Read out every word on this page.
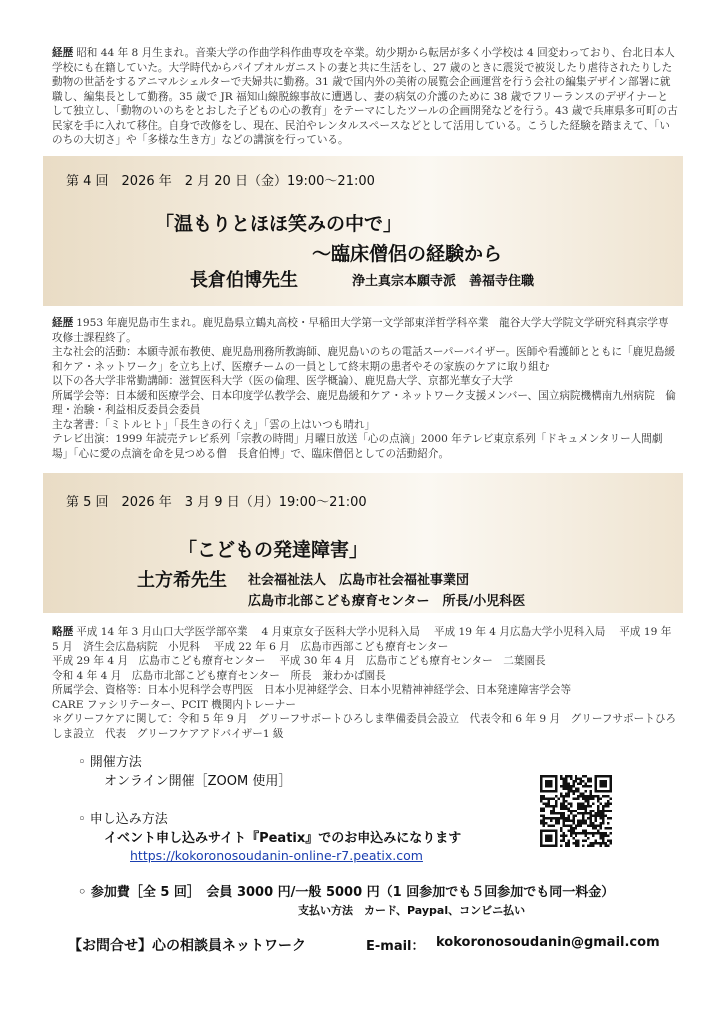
経歴 昭和 44 年 8 月生まれ。音楽大学の作曲学科作曲専攻を卒業。幼少期から転居が多く小学校は 4 回変わっており、台北日本人学校にも在籍していた。大学時代からパイプオルガニストの妻と共に生活をし、27 歳のときに震災で被災したり虐待されたりした動物の世話をするアニマルシェルターで夫婦共に勤務。31 歳で国内外の美術の展覧会企画運営を行う会社の編集デザイン部署に就職し、編集長として勤務。35 歳で JR 福知山線脱線事故に遭遇し、妻の病気の介護のために 38 歳でフリーランスのデザイナーとして独立し、「動物のいのちをとおした子どもの心の教育」をテーマにしたツールの企画開発などを行う。43 歳で兵庫県多可町の古民家を手に入れて移住。自身で改修をし、現在、民泊やレンタルスペースなどとして活用している。こうした経験を踏まえて、「いのちの大切さ」や「多様な生き方」などの講演を行っている。

第 4 回　2026 年　2 月 20 日（金）19:00～21:00
「温もりとほほ笑みの中で」
～臨床僧侶の経験から
長倉伯博先生	浄土真宗本願寺派　善福寺住職

経歴 1953 年鹿児島市生まれ。鹿児島県立鶴丸高校・早稲田大学第一文学部東洋哲学科卒業　龍谷大学大学院文学研究科真宗学専攻修士課程終了。

主な社会的活動：本願寺派布教使、鹿児島刑務所教誨師、鹿児島いのちの電話スーパーバイザー。医師や看護師とともに「鹿児島緩和ケア・ネットワーク」を立ち上げ、医療チームの一員として終末期の患者やその家族のケアに取り組む

以下の各大学非常勤講師：滋賀医科大学（医の倫理、医学概論）、鹿児島大学、京都光華女子大学

所属学会等：日本緩和医療学会、日本印度学仏教学会、鹿児島緩和ケア・ネットワーク支援メンバー、国立病院機構南九州病院　倫理・治験・利益相反委員会委員

主な著書：「ミトルヒト」「長生きの行くえ」「雲の上はいつも晴れ」

テレビ出演：1999 年読売テレビ系列「宗教の時間」月曜日放送「心の点滴」2000 年テレビ東京系列「ドキュメンタリー人間劇場」「心に愛の点滴を命を見つめる僧　長倉伯博」で、臨床僧侶としての活動紹介。

第 5 回　2026 年　3 月 9 日（月）19:00～21:00
「こどもの発達障害」
土方希先生 社会福祉法人　広島市社会福祉事業団
広島市北部こども療育センター　所長/小児科医

略歴 平成 14 年 3 月山口大学医学部卒業　 4 月東京女子医科大学小児科入局　 平成 19 年 4 月広島大学小児科入局　 平成 19 年 5 月　済生会広島病院　小児科　 平成 22 年 6 月　広島市西部こども療育センター

平成 29 年 4 月　広島市こども療育センター　 平成 30 年 4 月　広島市こども療育センター　二葉園長

令和 4 年 4 月　広島市北部こども療育センター　所長　兼わかば園長

所属学会、資格等：日本小児科学会専門医　日本小児神経学会、日本小児精神神経学会、日本発達障害学会等

CARE ファシリテーター、PCIT 機関内トレーナー

＊グリーフケアに関して：令和 5 年 9 月　グリーフサポートひろしま準備委員会設立　代表令和 6 年 9 月　グリーフサポートひろしま設立　代表　グリーフケアアドバイザー1 級

◦ 開催方法
オンライン開催［ZOOM 使用］
◦ 申し込み方法
イベント申し込みサイト『Peatix』でのお申込みになります
https://kokoronosoudanin-online-r7.peatix.com
◦ 参加費［全 5 回］　会員 3000 円/一般 5000 円（1 回参加でも５回参加でも同一料金）
支払い方法　カード、Paypal、コンビニ払い
【お問合せ】心の相談員ネットワーク	E-mail： kokoronosoudanin@gmail.com
